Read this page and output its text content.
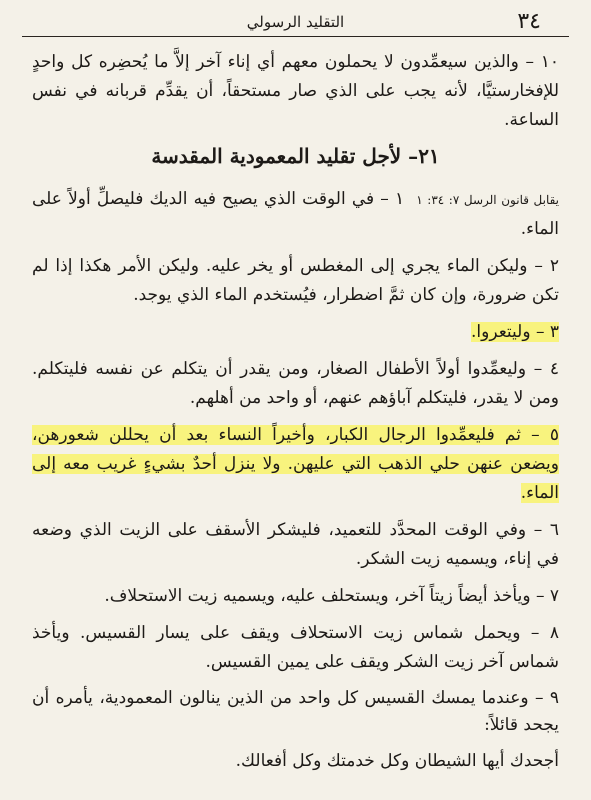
٣٤
التقليد الرسولي

١٠ – والذين سيعمِّدون لا يحملون معهم أي إناء آخر إلاَّ ما يُحضِره كل واحدٍ للإفخارستيَّا، لأنه يجب على الذي صار مستحقاً، أن يقدِّم قربانه في نفس الساعة.

٢١– لأجل تقليد المعمودية المقدسة

يقابل قانون الرسل ٧: ٣٤: ١ ١ – في الوقت الذي يصيح فيه الديك فليصلِّ أولاً على الماء.

٢ – وليكن الماء يجري إلى المغطس أو يخر عليه. وليكن الأمر هكذا إذا لم تكن ضرورة، وإن كان ثمَّ اضطرار، فيُستخدم الماء الذي يوجد.

٣ – وليتعروا.

٤ – وليعمِّدوا أولاً الأطفال الصغار، ومن يقدر أن يتكلم عن نفسه فليتكلم. ومن لا يقدر، فليتكلم آباؤهم عنهم، أو واحد من أهلهم.

٥ – ثم فليعمِّدوا الرجال الكبار، وأخيراً النساء بعد أن يحللن شعورهن، ويضعن عنهن حلي الذهب التي عليهن. ولا ينزل أحدٌ بشيءٍ غريب معه إلى الماء.

٦ – وفي الوقت المحدَّد للتعميد، فليشكر الأسقف على الزيت الذي وضعه في إناء، ويسميه زيت الشكر.

٧ – ويأخذ أيضاً زيتاً آخر، ويستحلف عليه، ويسميه زيت الاستحلاف.

٨ – ويحمل شماس زيت الاستحلاف ويقف على يسار القسيس. ويأخذ شماس آخر زيت الشكر ويقف على يمين القسيس.

٩ – وعندما يمسك القسيس كل واحد من الذين ينالون المعمودية، يأمره أن يجحد قائلاً:

أجحدك أيها الشيطان وكل خدمتك وكل أفعالك.
